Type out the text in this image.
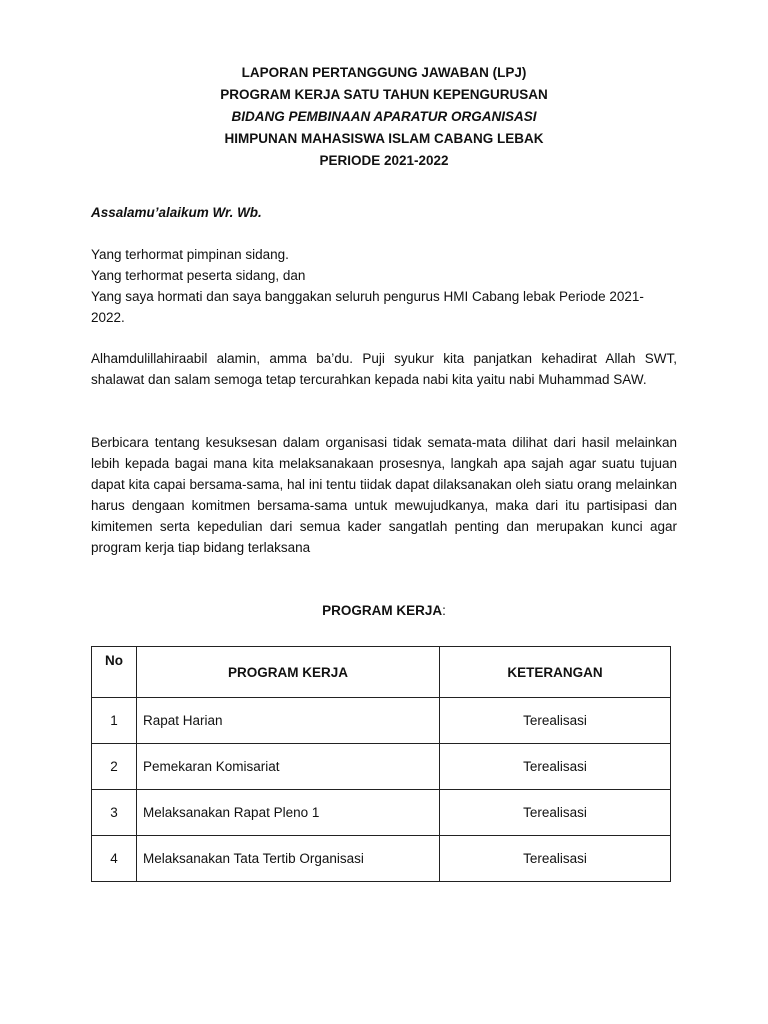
LAPORAN PERTANGGUNG JAWABAN (LPJ)
PROGRAM KERJA SATU TAHUN KEPENGURUSAN
BIDANG PEMBINAAN APARATUR ORGANISASI
HIMPUNAN MAHASISWA ISLAM CABANG LEBAK
PERIODE 2021-2022
Assalamu’alaikum Wr. Wb.

Yang terhormat pimpinan sidang.

Yang terhormat peserta sidang, dan

Yang saya hormati dan saya banggakan seluruh pengurus HMI Cabang lebak Periode 2021-2022.

Alhamdulillahiraabil alamin, amma ba’du. Puji syukur kita panjatkan kehadirat Allah SWT, shalawat dan salam semoga tetap tercurahkan kepada nabi kita yaitu nabi Muhammad SAW.
Berbicara tentang kesuksesan dalam organisasi tidak semata-mata dilihat dari hasil melainkan lebih kepada bagai mana kita melaksanakaan prosesnya, langkah apa sajah agar suatu tujuan dapat kita capai bersama-sama, hal ini tentu tiidak dapat dilaksanakan oleh siatu orang melainkan harus dengaan komitmen bersama-sama untuk mewujudkanya, maka dari itu partisipasi dan kimitemen serta kepedulian dari semua kader sangatlah penting dan merupakan kunci agar program kerja tiap bidang terlaksana
PROGRAM KERJA:
No	PROGRAM KERJA	KETERANGAN
1	Rapat Harian	Terealisasi
2	Pemekaran Komisariat	Terealisasi
3	Melaksanakan Rapat Pleno 1	Terealisasi
4	Melaksanakan Tata Tertib Organisasi	Terealisasi
